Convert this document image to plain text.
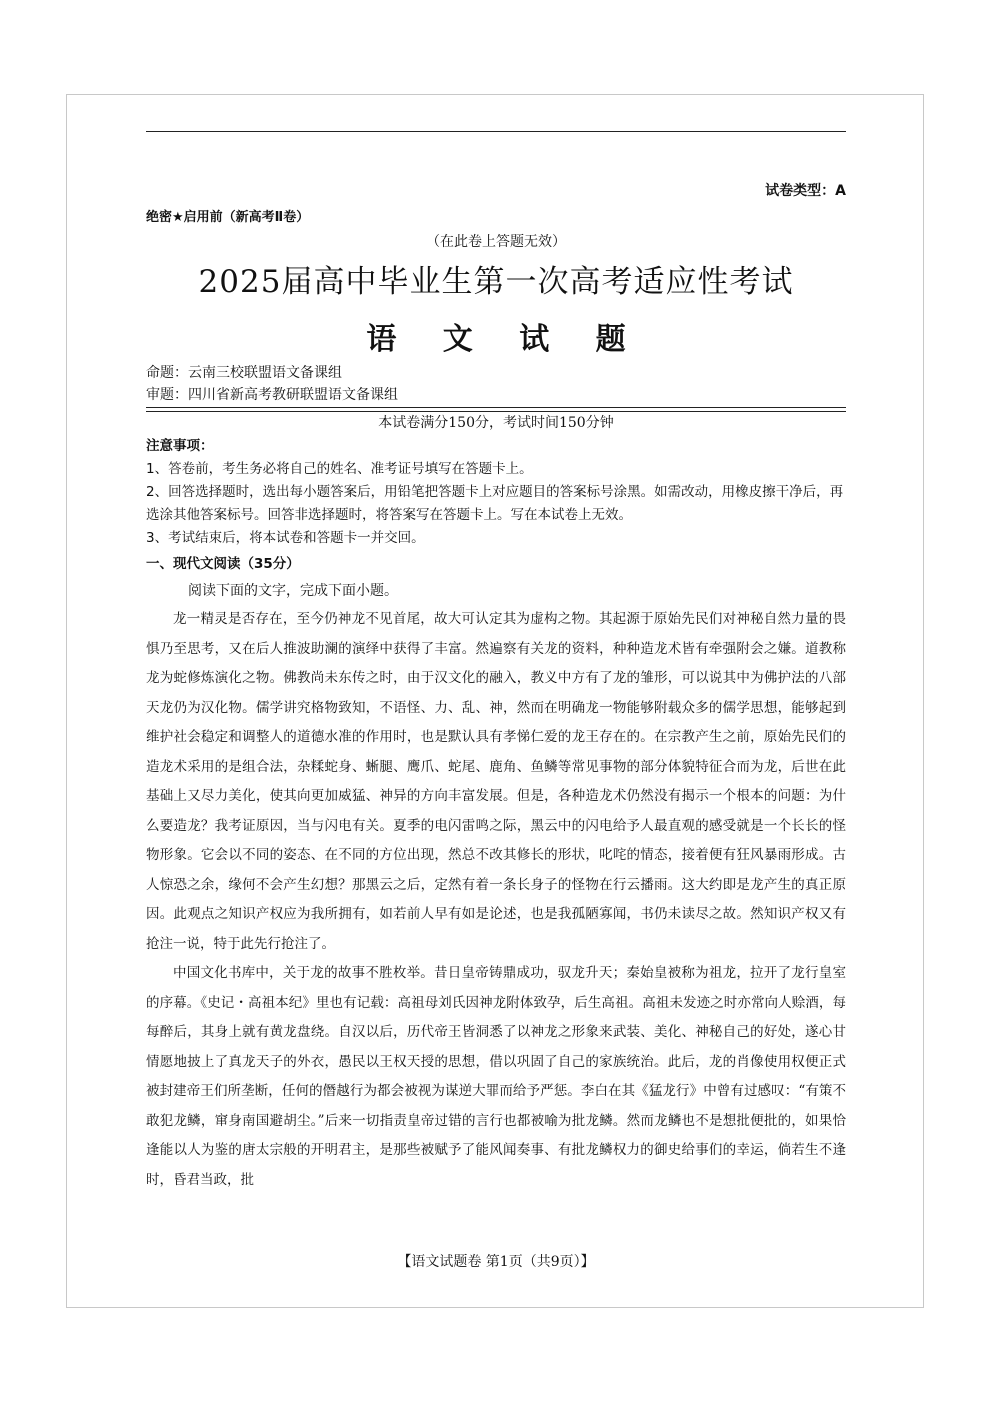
试卷类型：A
绝密★启用前（新高考Ⅱ卷）
（在此卷上答题无效）
2025届高中毕业生第一次高考适应性考试
语 文 试 题
命题：云南三校联盟语文备课组
审题：四川省新高考教研联盟语文备课组
本试卷满分150分，考试时间150分钟

注意事项：

1、答卷前，考生务必将自己的姓名、准考证号填写在答题卡上。

2、回答选择题时，选出每小题答案后，用铅笔把答题卡上对应题目的答案标号涂黑。如需改动，用橡皮擦干净后，再选涂其他答案标号。回答非选择题时，将答案写在答题卡上。写在本试卷上无效。

3、考试结束后，将本试卷和答题卡一并交回。

一、现代文阅读（35分）
阅读下面的文字，完成下面小题。

龙一精灵是否存在，至今仍神龙不见首尾，故大可认定其为虚构之物。其起源于原始先民们对神秘自然力量的畏惧乃至思考，又在后人推波助澜的演绎中获得了丰富。然遍察有关龙的资料，种种造龙术皆有牵强附会之嫌。道教称龙为蛇修炼演化之物。佛教尚未东传之时，由于汉文化的融入，教义中方有了龙的雏形，可以说其中为佛护法的八部天龙仍为汉化物。儒学讲究格物致知，不语怪、力、乱、神，然而在明确龙一物能够附载众多的儒学思想，能够起到维护社会稳定和调整人的道德水准的作用时，也是默认具有孝悌仁爱的龙王存在的。在宗教产生之前，原始先民们的造龙术采用的是组合法，杂糅蛇身、蜥腿、鹰爪、蛇尾、鹿角、鱼鳞等常见事物的部分体貌特征合而为龙，后世在此基础上又尽力美化，使其向更加威猛、神异的方向丰富发展。但是，各种造龙术仍然没有揭示一个根本的问题：为什么要造龙？我考证原因，当与闪电有关。夏季的电闪雷鸣之际，黑云中的闪电给予人最直观的感受就是一个长长的怪物形象。它会以不同的姿态、在不同的方位出现，然总不改其修长的形状，叱咤的情态，接着便有狂风暴雨形成。古人惊恐之余，缘何不会产生幻想？那黑云之后，定然有着一条长身子的怪物在行云播雨。这大约即是龙产生的真正原因。此观点之知识产权应为我所拥有，如若前人早有如是论述，也是我孤陋寡闻，书仍未读尽之故。然知识产权又有抢注一说，特于此先行抢注了。

中国文化书库中，关于龙的故事不胜枚举。昔日皇帝铸鼎成功，驭龙升天；秦始皇被称为祖龙，拉开了龙行皇室的序幕。《史记・高祖本纪》里也有记载：高祖母刘氏因神龙附体致孕，后生高祖。高祖未发迹之时亦常向人赊酒，每每醉后，其身上就有黄龙盘绕。自汉以后，历代帝王皆洞悉了以神龙之形象来武装、美化、神秘自己的好处，遂心甘情愿地披上了真龙天子的外衣，愚民以王权天授的思想，借以巩固了自己的家族统治。此后，龙的肖像使用权便正式被封建帝王们所垄断，任何的僭越行为都会被视为谋逆大罪而给予严惩。李白在其《猛龙行》中曾有过感叹：“有策不敢犯龙鳞，窜身南国避胡尘。”后来一切指责皇帝过错的言行也都被喻为批龙鳞。然而龙鳞也不是想批便批的，如果恰逢能以人为鉴的唐太宗般的开明君主，是那些被赋予了能风闻奏事、有批龙鳞权力的御史给事们的幸运，倘若生不逢时，昏君当政，批

【语文试题卷 第1页（共9页）】
